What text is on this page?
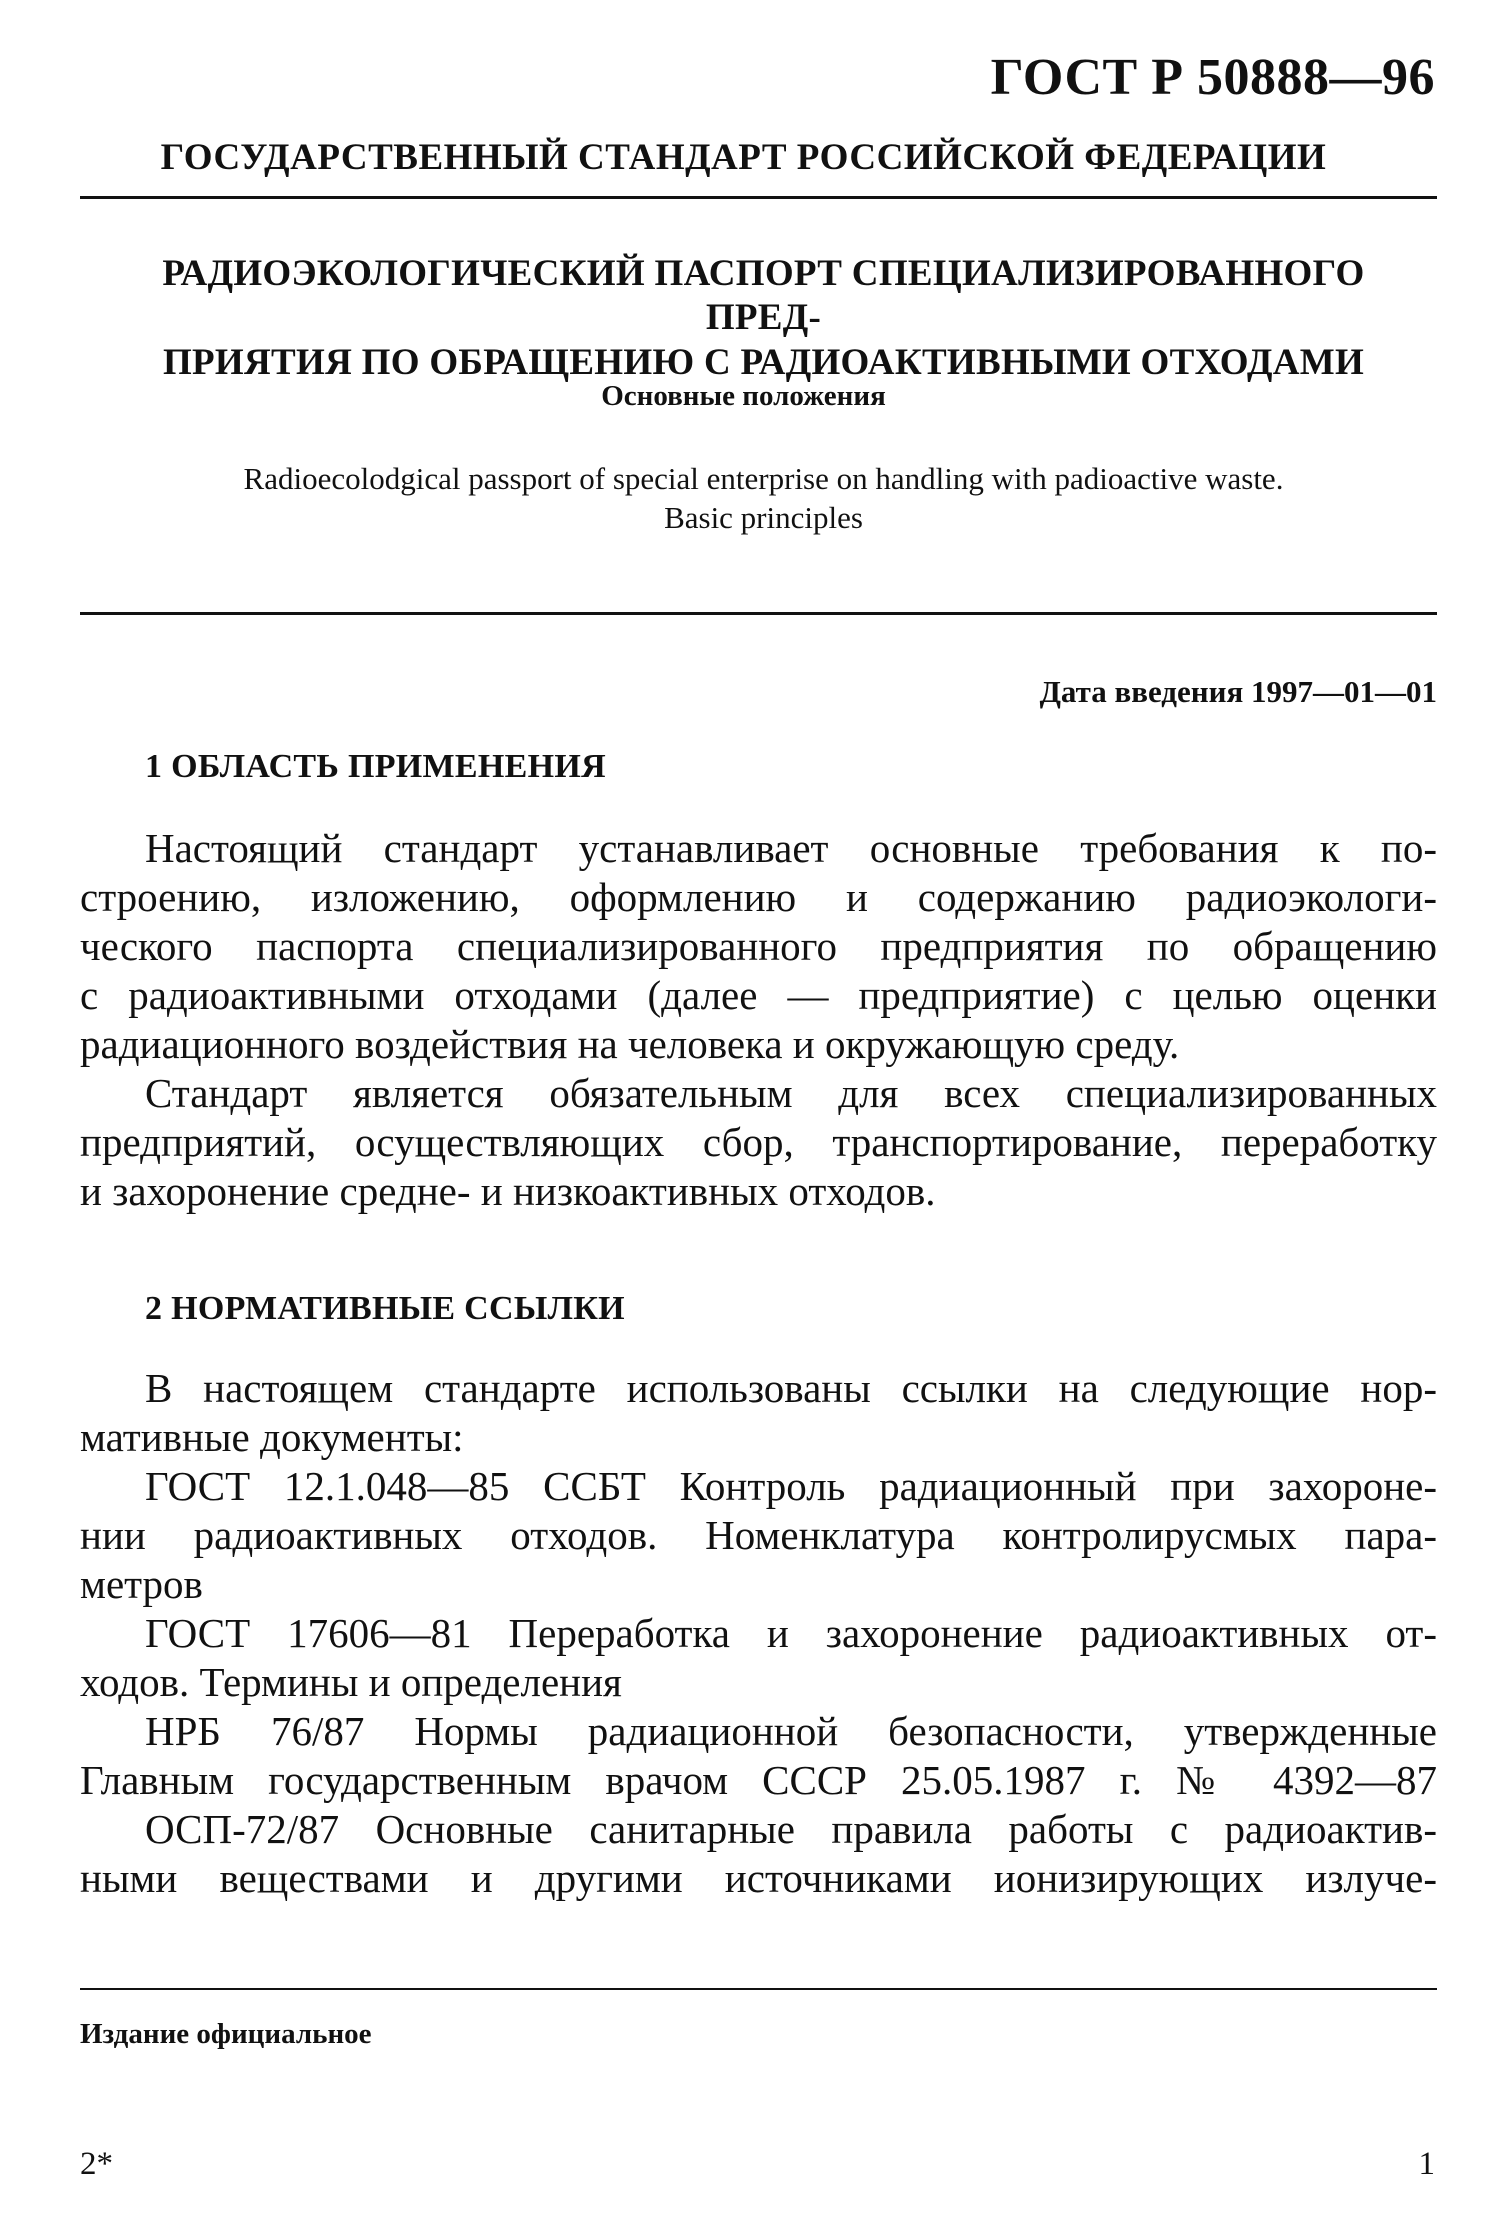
ГОСТ Р 50888—96
ГОСУДАРСТВЕННЫЙ СТАНДАРТ РОССИЙСКОЙ ФЕДЕРАЦИИ
РАДИОЭКОЛОГИЧЕСКИЙ ПАСПОРТ СПЕЦИАЛИЗИРОВАННОГО ПРЕД-
ПРИЯТИЯ ПО ОБРАЩЕНИЮ С РАДИОАКТИВНЫМИ ОТХОДАМИ
Основные положения
Radioecolodgical passport of special enterprise on handling with padioactive waste.
Basic principles
Дата введения 1997—01—01
1 ОБЛАСТЬ ПРИМЕНЕНИЯ
Настоящий стандарт устанавливает основные требования к по-
строению, изложению, оформлению и содержанию радиоэкологи-
ческого паспорта специализированного предприятия по обращению
с радиоактивными отходами (далее — предприятие) с целью оценки
радиационного воздействия на человека и окружающую среду.
Стандарт является обязательным для всех специализированных
предприятий, осуществляющих сбор, транспортирование, переработку
и захоронение средне- и низкоактивных отходов.
2 НОРМАТИВНЫЕ ССЫЛКИ
В настоящем стандарте использованы ссылки на следующие нор-
мативные документы:
ГОСТ 12.1.048—85 ССБТ Контроль радиационный при захороне-
нии радиоактивных отходов. Номенклатура контролирусмых пара-
метров
ГОСТ 17606—81 Переработка и захоронение радиоактивных от-
ходов. Термины и определения
НРБ 76/87 Нормы радиационной безопасности, утвержденные
Главным государственным врачом СССР 25.05.1987 г. № 4392—87
ОСП-72/87 Основные санитарные правила работы с радиоактив-
ными веществами и другими источниками ионизирующих излуче-
Издание официальное
2*	1
